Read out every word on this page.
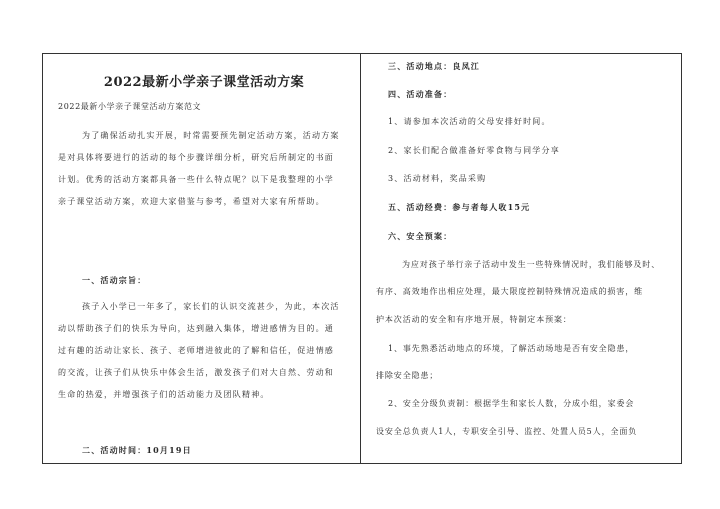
2022最新小学亲子课堂活动方案
2022最新小学亲子课堂活动方案范文
为了确保活动扎实开展，时常需要预先制定活动方案，活动方案
是对具体将要进行的活动的每个步骤详细分析，研究后所制定的书面
计划。优秀的活动方案都具备一些什么特点呢？以下是我整理的小学
亲子课堂活动方案，欢迎大家借鉴与参考，希望对大家有所帮助。
一、活动宗旨：
孩子入小学已一年多了，家长们的认识交流甚少，为此，本次活
动以帮助孩子们的快乐为导向，达到融入集体，增进感情为目的。通
过有趣的活动让家长、孩子、老师增进彼此的了解和信任，促进情感
的交流，让孩子们从快乐中体会生活，激发孩子们对大自然、劳动和
生命的热爱，并增强孩子们的活动能力及团队精神。
二、活动时间：10月19日
三、活动地点：良凤江
四、活动准备：
1、请参加本次活动的父母安排好时间。
2、家长们配合做准备好零食物与同学分享
3、活动材料，奖品采购
五、活动经费：参与者每人收15元
六、安全预案：
为应对孩子举行亲子活动中发生一些特殊情况时，我们能够及时、
有序、高效地作出相应处理，最大限度控制特殊情况造成的损害，维
护本次活动的安全和有序地开展，特制定本预案：
1、事先熟悉活动地点的环境，了解活动场地是否有安全隐患，
排除安全隐患；
2、安全分级负责制：根据学生和家长人数，分成小组，家委会
设安全总负责人1人，专职安全引导、监控、处置人员5人，全面负
